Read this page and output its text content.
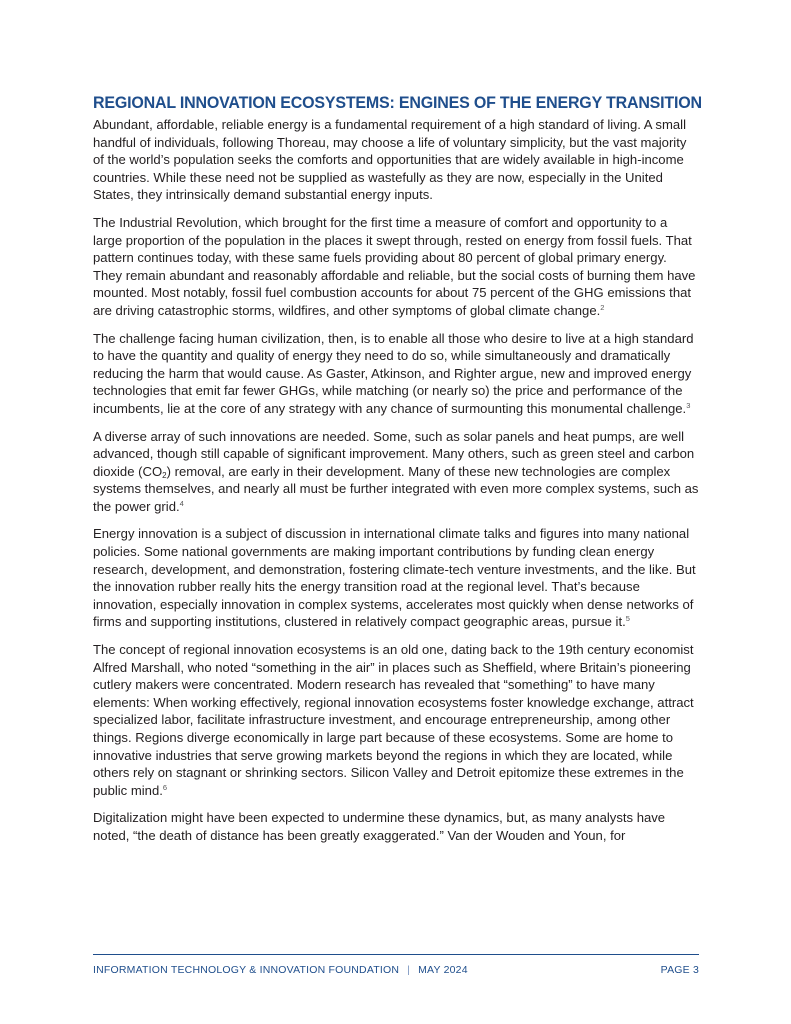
REGIONAL INNOVATION ECOSYSTEMS: ENGINES OF THE ENERGY TRANSITION

Abundant, affordable, reliable energy is a fundamental requirement of a high standard of living. A small handful of individuals, following Thoreau, may choose a life of voluntary simplicity, but the vast majority of the world’s population seeks the comforts and opportunities that are widely available in high-income countries. While these need not be supplied as wastefully as they are now, especially in the United States, they intrinsically demand substantial energy inputs.

The Industrial Revolution, which brought for the first time a measure of comfort and opportunity to a large proportion of the population in the places it swept through, rested on energy from fossil fuels. That pattern continues today, with these same fuels providing about 80 percent of global primary energy. They remain abundant and reasonably affordable and reliable, but the social costs of burning them have mounted. Most notably, fossil fuel combustion accounts for about 75 percent of the GHG emissions that are driving catastrophic storms, wildfires, and other symptoms of global climate change.$^2$

The challenge facing human civilization, then, is to enable all those who desire to live at a high standard to have the quantity and quality of energy they need to do so, while simultaneously and dramatically reducing the harm that would cause. As Gaster, Atkinson, and Righter argue, new and improved energy technologies that emit far fewer GHGs, while matching (or nearly so) the price and performance of the incumbents, lie at the core of any strategy with any chance of surmounting this monumental challenge.$^3$

A diverse array of such innovations are needed. Some, such as solar panels and heat pumps, are well advanced, though still capable of significant improvement. Many others, such as green steel and carbon dioxide $(CO_2)$ removal, are early in their development. Many of these new technologies are complex systems themselves, and nearly all must be further integrated with even more complex systems, such as the power grid.$^4$

Energy innovation is a subject of discussion in international climate talks and figures into many national policies. Some national governments are making important contributions by funding clean energy research, development, and demonstration, fostering climate-tech venture investments, and the like. But the innovation rubber really hits the energy transition road at the regional level. That’s because innovation, especially innovation in complex systems, accelerates most quickly when dense networks of firms and supporting institutions, clustered in relatively compact geographic areas, pursue it.$^5$

The concept of regional innovation ecosystems is an old one, dating back to the 19th century economist Alfred Marshall, who noted “something in the air” in places such as Sheffield, where Britain’s pioneering cutlery makers were concentrated. Modern research has revealed that “something” to have many elements: When working effectively, regional innovation ecosystems foster knowledge exchange, attract specialized labor, facilitate infrastructure investment, and encourage entrepreneurship, among other things. Regions diverge economically in large part because of these ecosystems. Some are home to innovative industries that serve growing markets beyond the regions in which they are located, while others rely on stagnant or shrinking sectors. Silicon Valley and Detroit epitomize these extremes in the public mind.$^6$

Digitalization might have been expected to undermine these dynamics, but, as many analysts have noted, “the death of distance has been greatly exaggerated.” Van der Wouden and Youn, for

INFORMATION TECHNOLOGY & INNOVATION FOUNDATION | MAY 2024	PAGE 3
